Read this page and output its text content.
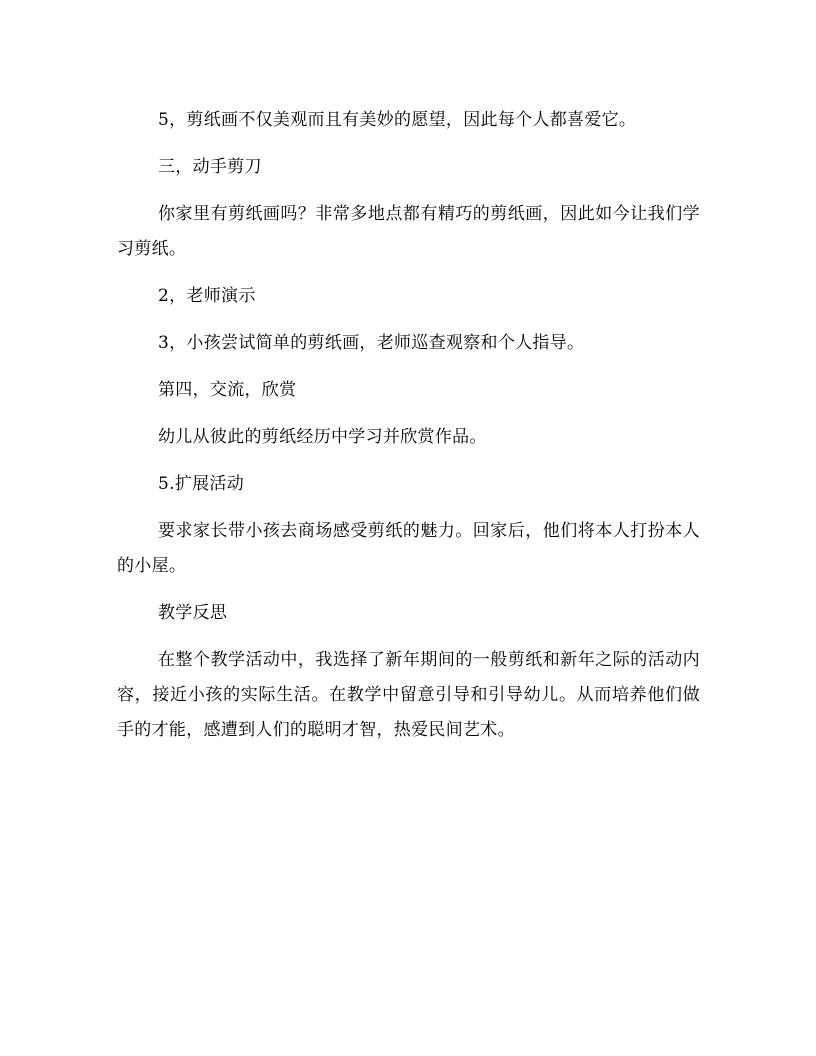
5，剪纸画不仅美观而且有美妙的愿望，因此每个人都喜爱它。

三，动手剪刀

你家里有剪纸画吗？非常多地点都有精巧的剪纸画，因此如今让我们学习剪纸。

2，老师演示

3，小孩尝试简单的剪纸画，老师巡查观察和个人指导。

第四，交流，欣赏

幼儿从彼此的剪纸经历中学习并欣赏作品。

5.扩展活动

要求家长带小孩去商场感受剪纸的魅力。回家后，他们将本人打扮本人的小屋。

教学反思

在整个教学活动中，我选择了新年期间的一般剪纸和新年之际的活动内容，接近小孩的实际生活。在教学中留意引导和引导幼儿。从而培养他们做手的才能，感遭到人们的聪明才智，热爱民间艺术。
